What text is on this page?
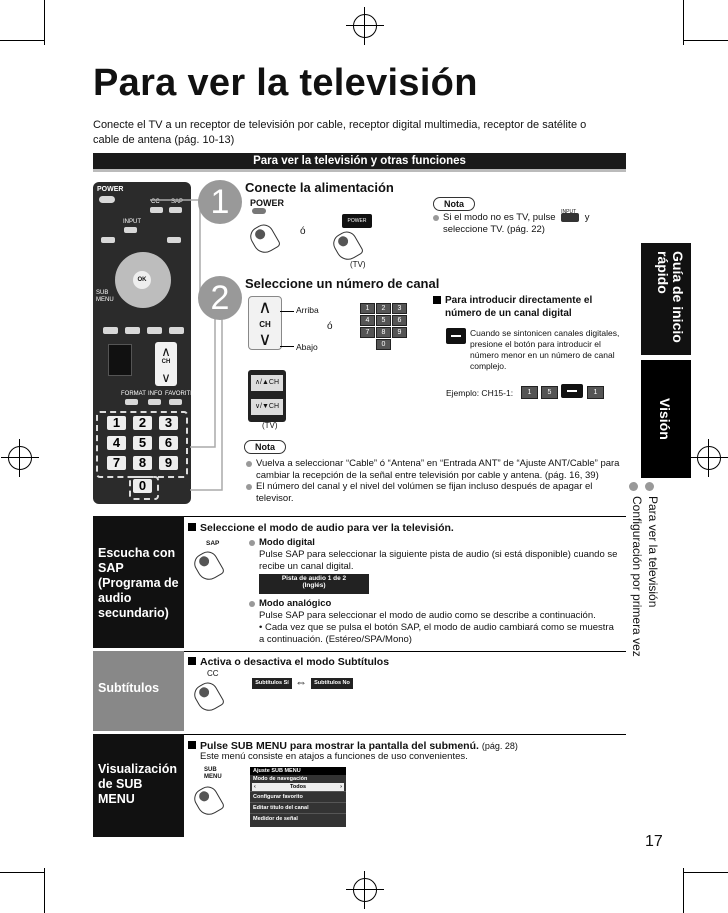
Para ver la televisión
Conecte el TV a un receptor de televisión por cable, receptor digital multimedia, receptor de satélite o cable de antena (pág. 10-13)
Para ver la televisión y otras funciones
POWER
CC SAP
INPUT
OK
SUB MENU
∧
CH
∨
FORMAT INFO FAVORITE
1	2	3
4	5	6
7	8	9
0
1	Conecte la alimentación
POWER
ó
POWER
(TV)
Nota
Si el modo no es TV, pulse
INPUT
y
seleccione TV. (pág. 22)
2	Seleccione un número de canal
∧
CH
∨
Arriba
Abajo
ó
1	2	3
4	5	6
7	8	9
0
∧/▲CH
∨/▼CH
(TV)
Para introducir directamente el número de un canal digital
Cuando se sintonicen canales digitales, presione el botón para introducir el número menor en un número de canal complejo.
Ejemplo: CH15-1:	1	5	1
Nota
Vuelva a seleccionar “Cable” ó “Antena” en “Entrada ANT” de “Ajuste ANT/Cable” para cambiar la recepción de la señal entre televisión por cable y antena. (pág. 16, 39)
El número del canal y el nivel del volúmen se fijan incluso después de apagar el televisor.
Guía de inicio rápido
Visión
Para ver la televisión
Configuración por primera vez
Escucha con SAP (Programa de audio secundario)
Seleccione el modo de audio para ver la televisión.
SAP	Modo digital
Pulse SAP para seleccionar la siguiente pista de audio (si está disponible) cuando se recibe un canal digital.
Pista de audio 1 de 2
(Inglés)
Modo analógico
Pulse SAP para seleccionar el modo de audio como se describe a continuación.
• Cada vez que se pulsa el botón SAP, el modo de audio cambiará como se muestra a continuación. (Estéreo/SPA/Mono)
Subtítulos
Activa o desactiva el modo Subtítulos
CC
Subtítulos Sí ⇔	Subtítulos No
Visualización de SUB MENU
Pulse SUB MENU para mostrar la pantalla del submenú. (pág. 28)
Este menú consiste en atajos a funciones de uso convenientes.
SUB MENU
Ajuste SUB MENU
Modo de navegación
‹	Todos	›
Configurar favorito
Editar título del canal
Medidor de señal
17
